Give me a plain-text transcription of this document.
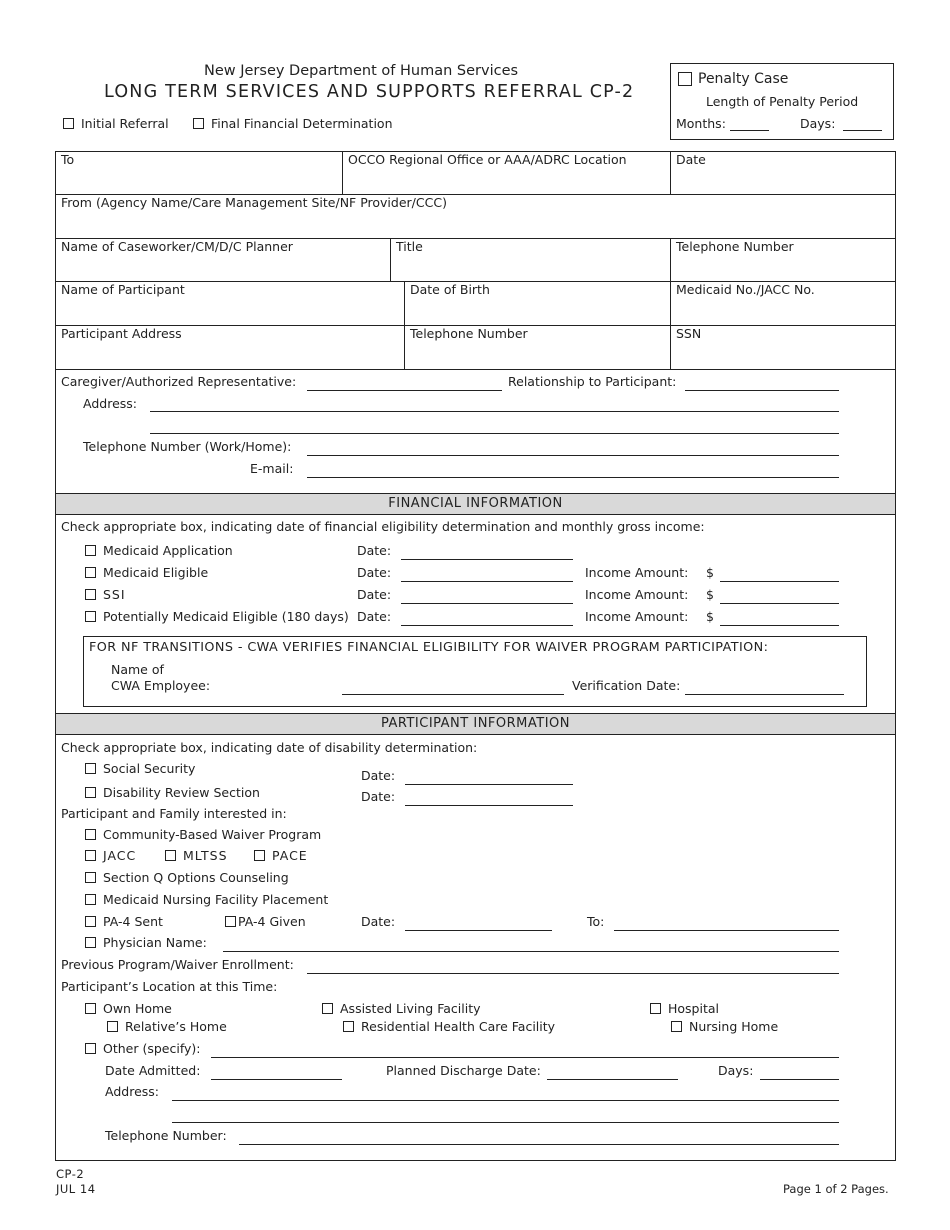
New Jersey Department of Human Services
LONG TERM SERVICES AND SUPPORTS REFERRAL CP-2
Initial Referral	Final Financial Determination
Penalty Case
Length of Penalty Period
Months:	Days:
To	OCCO Regional Office or AAA/ADRC Location	Date
From (Agency Name/Care Management Site/NF Provider/CCC)
Name of Caseworker/CM/D/C Planner	Title	Telephone Number
Name of Participant	Date of Birth	Medicaid No./JACC No.
Participant Address	Telephone Number	SSN
Caregiver/Authorized Representative:	Relationship to Participant:
Address:
Telephone Number (Work/Home):
E-mail:
FINANCIAL INFORMATION
Check appropriate box, indicating date of financial eligibility determination and monthly gross income:
Medicaid Application	Date:
Medicaid Eligible	Date:	Income Amount: $
SSI	Date:	Income Amount: $
Potentially Medicaid Eligible (180 days) Date:	Income Amount: $
FOR NF TRANSITIONS - CWA VERIFIES FINANCIAL ELIGIBILITY FOR WAIVER PROGRAM PARTICIPATION:
Name of
CWA Employee:	Verification Date:
PARTICIPANT INFORMATION
Check appropriate box, indicating date of disability determination:
Social Security	Date:
Disability Review Section	Date:
Participant and Family interested in:
Community-Based Waiver Program
JACC	MLTSS	PACE
Section Q Options Counseling
Medicaid Nursing Facility Placement
PA-4 Sent	PA-4 Given	Date:	To:
Physician Name:
Previous Program/Waiver Enrollment:
Participant’s Location at this Time:
Own Home	Assisted Living Facility	Hospital
Relative’s Home	Residential Health Care Facility	Nursing Home
Other (specify):
Date Admitted:	Planned Discharge Date:	Days:
Address:
Telephone Number:
CP-2
JUL 14	Page 1 of 2 Pages.
